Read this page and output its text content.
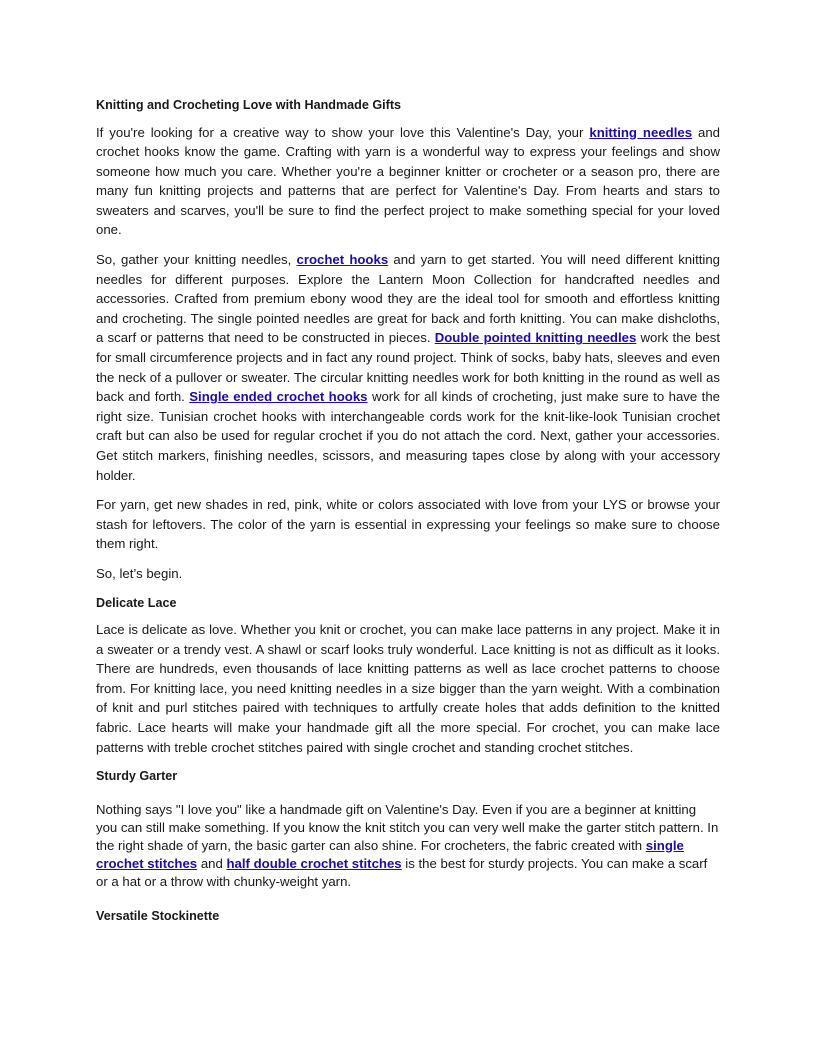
Knitting and Crocheting Love with Handmade Gifts

If you're looking for a creative way to show your love this Valentine's Day, your knitting needles and crochet hooks know the game. Crafting with yarn is a wonderful way to express your feelings and show someone how much you care. Whether you're a beginner knitter or crocheter or a season pro, there are many fun knitting projects and patterns that are perfect for Valentine's Day. From hearts and stars to sweaters and scarves, you'll be sure to find the perfect project to make something special for your loved one.

So, gather your knitting needles, crochet hooks and yarn to get started. You will need different knitting needles for different purposes. Explore the Lantern Moon Collection for handcrafted needles and accessories. Crafted from premium ebony wood they are the ideal tool for smooth and effortless knitting and crocheting. The single pointed needles are great for back and forth knitting. You can make dishcloths, a scarf or patterns that need to be constructed in pieces. Double pointed knitting needles work the best for small circumference projects and in fact any round project. Think of socks, baby hats, sleeves and even the neck of a pullover or sweater. The circular knitting needles work for both knitting in the round as well as back and forth. Single ended crochet hooks work for all kinds of crocheting, just make sure to have the right size. Tunisian crochet hooks with interchangeable cords work for the knit-like-look Tunisian crochet craft but can also be used for regular crochet if you do not attach the cord. Next, gather your accessories. Get stitch markers, finishing needles, scissors, and measuring tapes close by along with your accessory holder.

For yarn, get new shades in red, pink, white or colors associated with love from your LYS or browse your stash for leftovers. The color of the yarn is essential in expressing your feelings so make sure to choose them right.

So, let’s begin.

Delicate Lace

Lace is delicate as love. Whether you knit or crochet, you can make lace patterns in any project. Make it in a sweater or a trendy vest. A shawl or scarf looks truly wonderful. Lace knitting is not as difficult as it looks. There are hundreds, even thousands of lace knitting patterns as well as lace crochet patterns to choose from. For knitting lace, you need knitting needles in a size bigger than the yarn weight. With a combination of knit and purl stitches paired with techniques to artfully create holes that adds definition to the knitted fabric. Lace hearts will make your handmade gift all the more special. For crochet, you can make lace patterns with treble crochet stitches paired with single crochet and standing crochet stitches.

Sturdy Garter

Nothing says "I love you" like a handmade gift on Valentine's Day. Even if you are a beginner at knitting you can still make something. If you know the knit stitch you can very well make the garter stitch pattern. In the right shade of yarn, the basic garter can also shine. For crocheters, the fabric created with single crochet stitches and half double crochet stitches is the best for sturdy projects. You can make a scarf or a hat or a throw with chunky-weight yarn.

Versatile Stockinette
